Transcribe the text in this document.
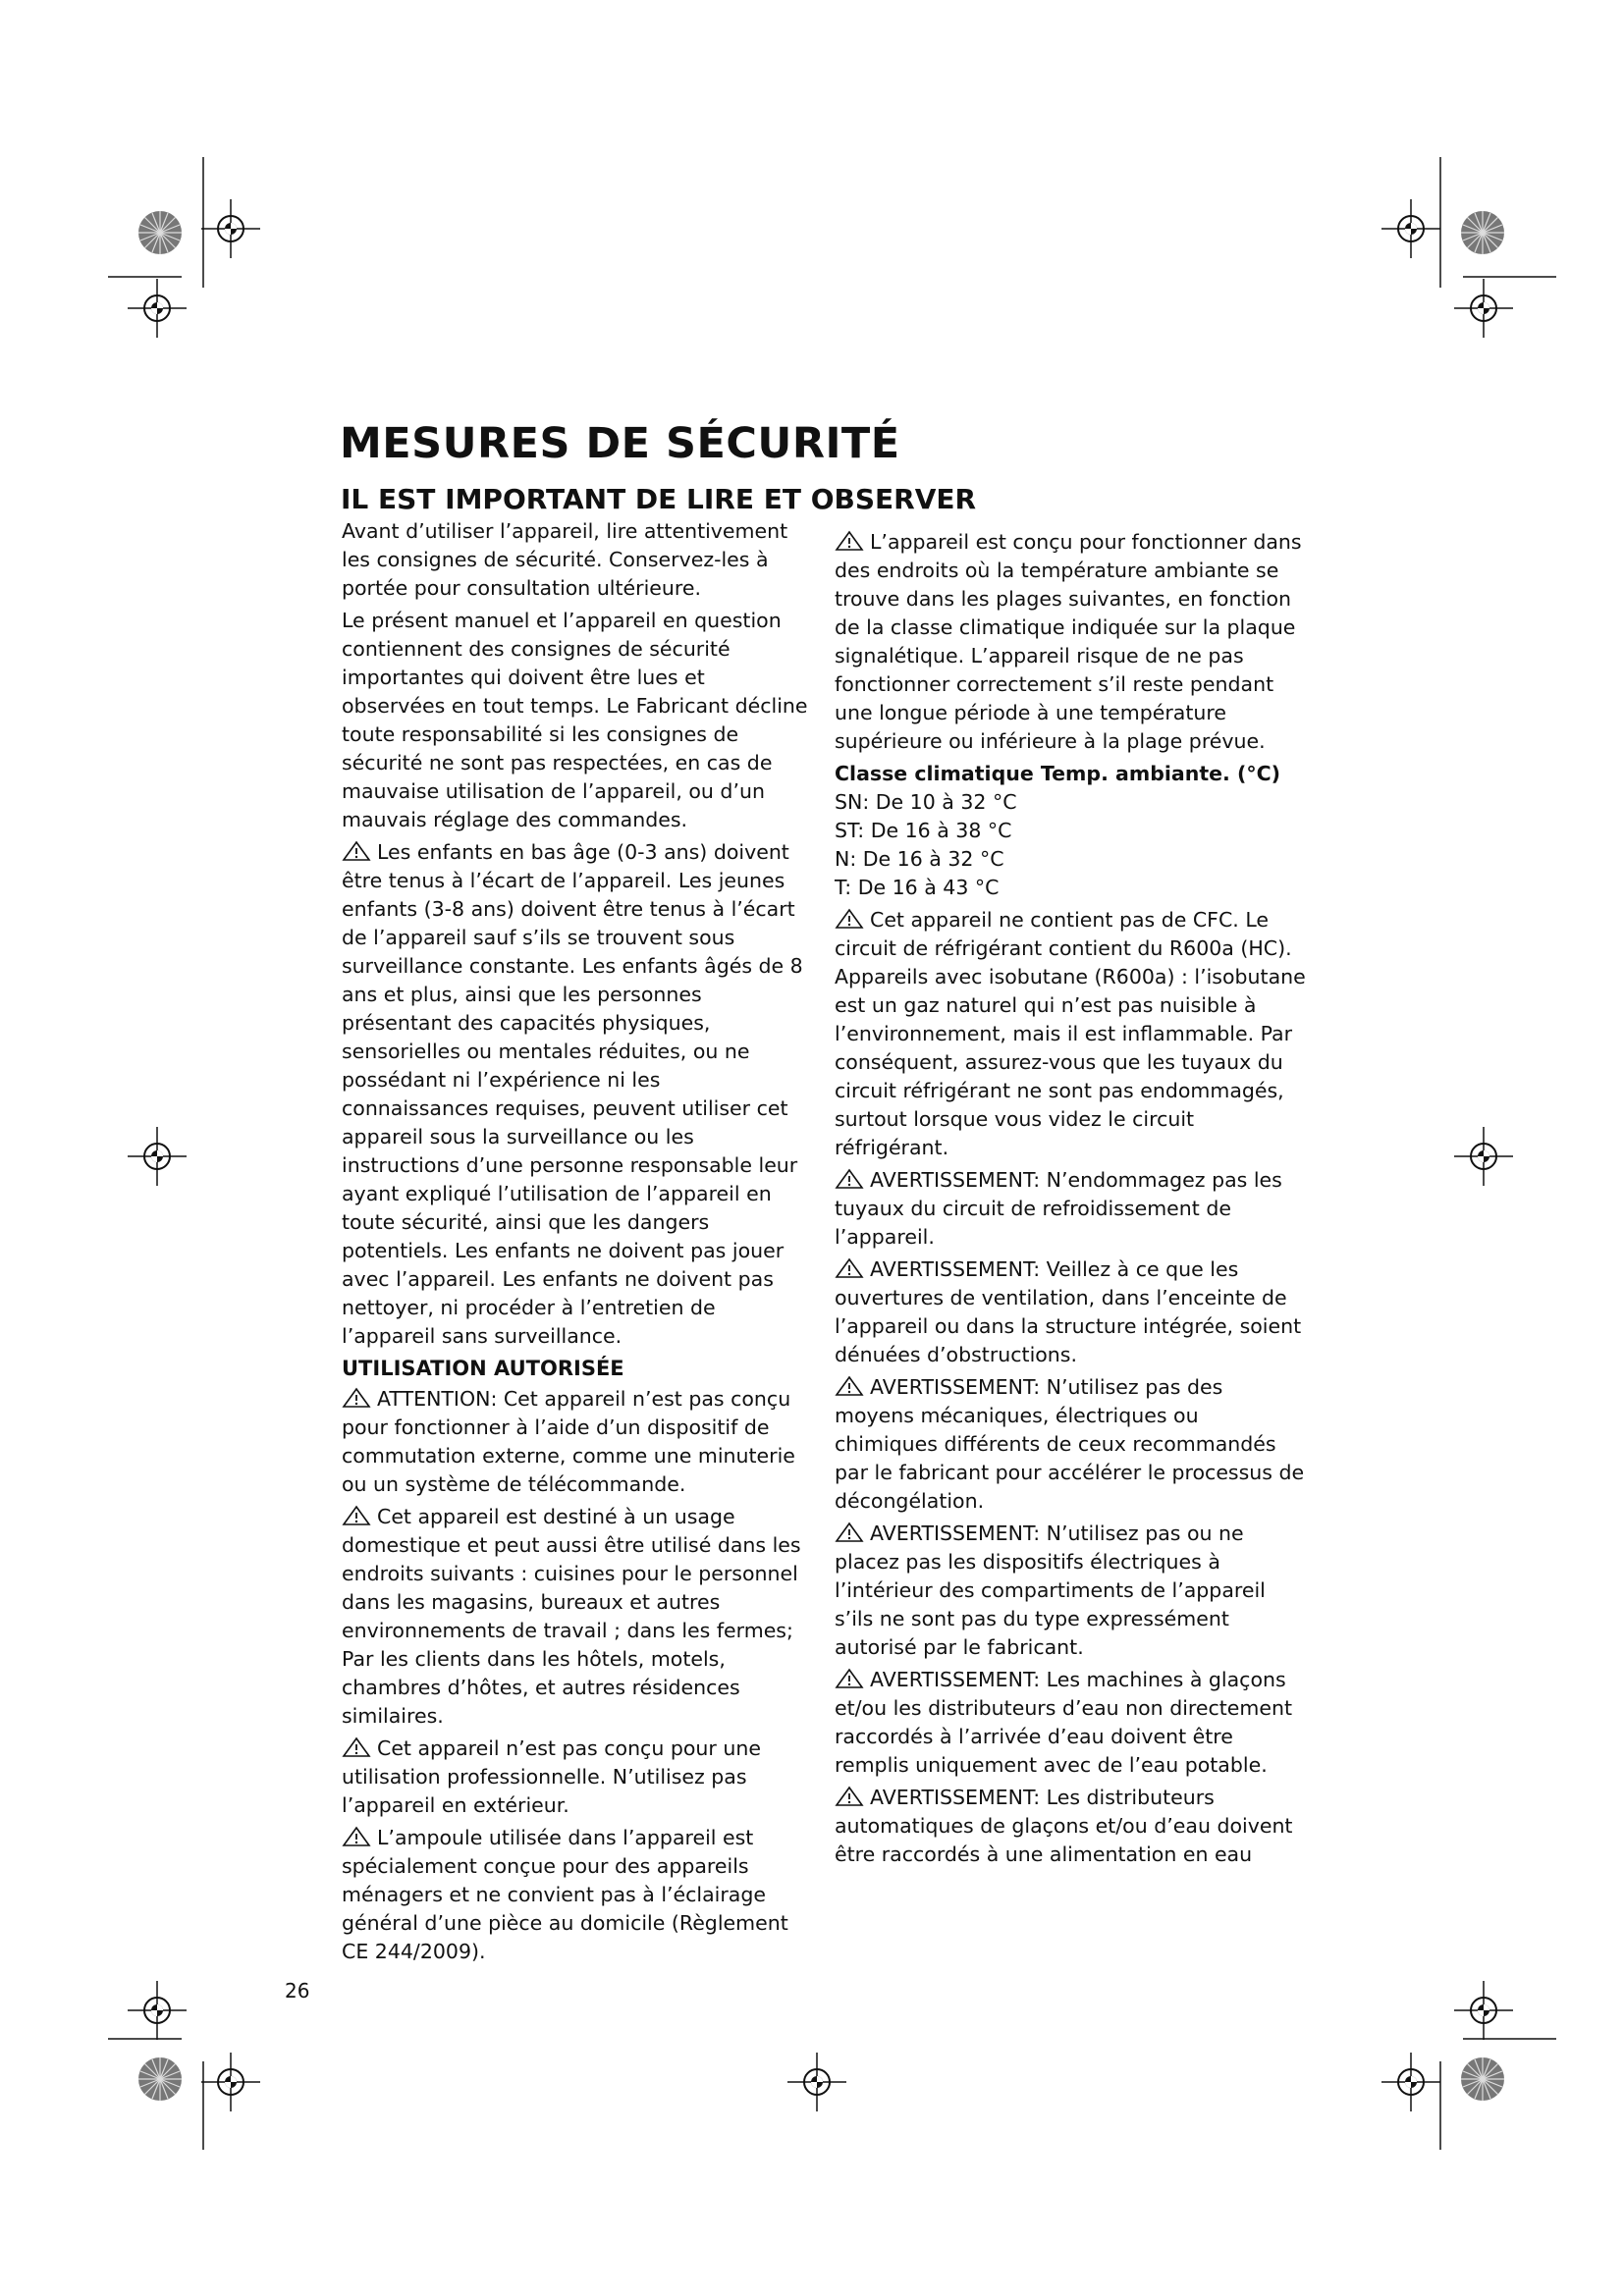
MESURES DE SÉCURITÉ
IL EST IMPORTANT DE LIRE ET OBSERVER

Avant d’utiliser l’appareil, lire attentivement les consignes de sécurité. Conservez-les à portée pour consultation ultérieure.

Le présent manuel et l’appareil en question contiennent des consignes de sécurité importantes qui doivent être lues et observées en tout temps. Le Fabricant décline toute responsabilité si les consignes de sécurité ne sont pas respectées, en cas de mauvaise utilisation de l’appareil, ou d’un mauvais réglage des commandes.

Les enfants en bas âge (0-3 ans) doivent être tenus à l’écart de l’appareil. Les jeunes enfants (3-8 ans) doivent être tenus à l’écart de l’appareil sauf s’ils se trouvent sous surveillance constante. Les enfants âgés de 8 ans et plus, ainsi que les personnes présentant des capacités physiques, sensorielles ou mentales réduites, ou ne possédant ni l’expérience ni les connaissances requises, peuvent utiliser cet appareil sous la surveillance ou les instructions d’une personne responsable leur ayant expliqué l’utilisation de l’appareil en toute sécurité, ainsi que les dangers potentiels. Les enfants ne doivent pas jouer avec l’appareil. Les enfants ne doivent pas nettoyer, ni procéder à l’entretien de l’appareil sans surveillance.

UTILISATION AUTORISÉE

ATTENTION: Cet appareil n’est pas conçu pour fonctionner à l’aide d’un dispositif de commutation externe, comme une minuterie ou un système de télécommande.

Cet appareil est destiné à un usage domestique et peut aussi être utilisé dans les endroits suivants : cuisines pour le personnel dans les magasins, bureaux et autres environnements de travail ; dans les fermes; Par les clients dans les hôtels, motels, chambres d’hôtes, et autres résidences similaires.

Cet appareil n’est pas conçu pour une utilisation professionnelle. N’utilisez pas l’appareil en extérieur.

L’ampoule utilisée dans l’appareil est spécialement conçue pour des appareils ménagers et ne convient pas à l’éclairage général d’une pièce au domicile (Règlement CE 244/2009).

L’appareil est conçu pour fonctionner dans des endroits où la température ambiante se trouve dans les plages suivantes, en fonction de la classe climatique indiquée sur la plaque signalétique. L’appareil risque de ne pas fonctionner correctement s’il reste pendant une longue période à une température supérieure ou inférieure à la plage prévue.

Classe climatique Temp. ambiante. (°C)

SN: De 10 à 32 °C

ST: De 16 à 38 °C

N: De 16 à 32 °C

T: De 16 à 43 °C

Cet appareil ne contient pas de CFC. Le circuit de réfrigérant contient du R600a (HC). Appareils avec isobutane (R600a) : l’isobutane est un gaz naturel qui n’est pas nuisible à l’environnement, mais il est inflammable. Par conséquent, assurez-vous que les tuyaux du circuit réfrigérant ne sont pas endommagés, surtout lorsque vous videz le circuit réfrigérant.

AVERTISSEMENT: N’endommagez pas les tuyaux du circuit de refroidissement de l’appareil.

AVERTISSEMENT: Veillez à ce que les ouvertures de ventilation, dans l’enceinte de l’appareil ou dans la structure intégrée, soient dénuées d’obstructions.

AVERTISSEMENT: N’utilisez pas des moyens mécaniques, électriques ou chimiques différents de ceux recommandés par le fabricant pour accélérer le processus de décongélation.

AVERTISSEMENT: N’utilisez pas ou ne placez pas les dispositifs électriques à l’intérieur des compartiments de l’appareil s’ils ne sont pas du type expressément autorisé par le fabricant.

AVERTISSEMENT: Les machines à glaçons et/ou les distributeurs d’eau non directement raccordés à l’arrivée d’eau doivent être remplis uniquement avec de l’eau potable.

AVERTISSEMENT: Les distributeurs automatiques de glaçons et/ou d’eau doivent être raccordés à une alimentation en eau

26
